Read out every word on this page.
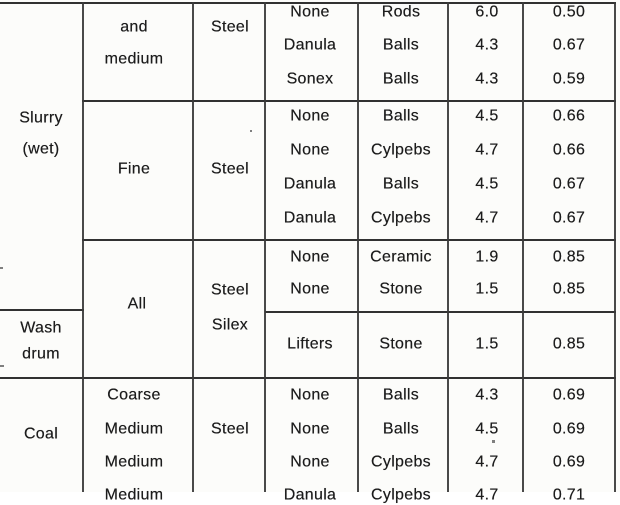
Slurry
(wet)
Wash
drum
Coal
and
medium
Fine
All
Coarse
Medium
Medium
Medium
Steel
Steel
Steel
Silex
Steel
None
Danula
Sonex
None
None
Danula
Danula
None
None
Lifters
None
None
None
Danula
Rods
Balls
Balls
Balls
Cylpebs
Balls
Cylpebs
Ceramic
Stone
Stone
Balls
Balls
Cylpebs
Cylpebs
6.0
4.3
4.3
4.5
4.7
4.5
4.7
1.9
1.5
1.5
4.3
4.5
4.7
4.7
0.50
0.67
0.59
0.66
0.66
0.67
0.67
0.85
0.85
0.85
0.69
0.69
0.69
0.71
